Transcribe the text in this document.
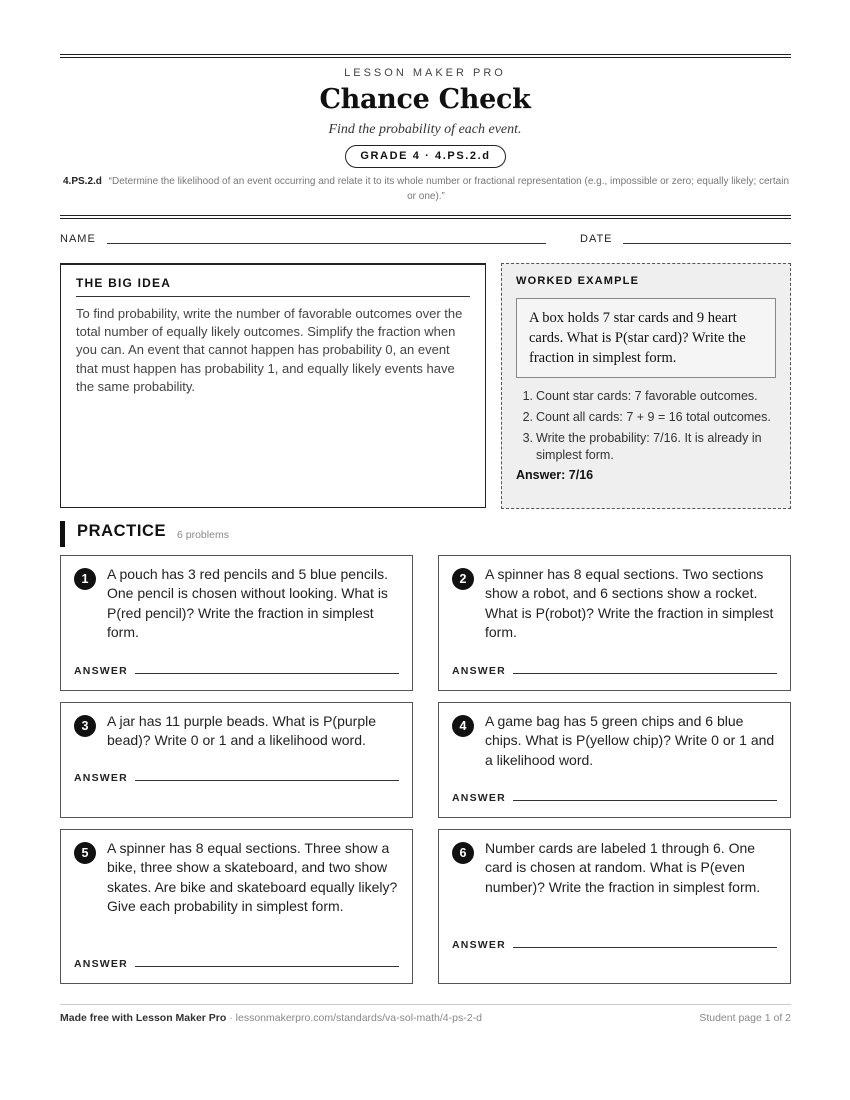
LESSON MAKER PRO
Chance Check
Find the probability of each event.
GRADE 4 · 4.PS.2.d
4.PS.2.d “Determine the likelihood of an event occurring and relate it to its whole number or fractional representation (e.g., impossible or zero; equally likely; certain or one).”
NAME	DATE
THE BIG IDEA

To find probability, write the number of favorable outcomes over the total number of equally likely outcomes. Simplify the fraction when you can. An event that cannot happen has probability 0, an event that must happen has probability 1, and equally likely events have the same probability.

WORKED EXAMPLE
A box holds 7 star cards and 9 heart cards. What is P(star card)? Write the fraction in simplest form.
1. Count star cards: 7 favorable outcomes.
2. Count all cards: 7 + 9 = 16 total outcomes.
3. Write the probability: 7/16. It is already in simplest form.
Answer: 7/16
PRACTICE 6 problems
1	A pouch has 3 red pencils and 5 blue pencils. One pencil is chosen without looking. What is P(red pencil)? Write the fraction in simplest form.
ANSWER
2	A spinner has 8 equal sections. Two sections show a robot, and 6 sections show a rocket. What is P(robot)? Write the fraction in simplest form.
ANSWER
3	A jar has 11 purple beads. What is P(purple bead)? Write 0 or 1 and a likelihood word.
ANSWER
4	A game bag has 5 green chips and 6 blue chips. What is P(yellow chip)? Write 0 or 1 and a likelihood word.
ANSWER
5	A spinner has 8 equal sections. Three show a bike, three show a skateboard, and two show skates. Are bike and skateboard equally likely? Give each probability in simplest form.
ANSWER
6	Number cards are labeled 1 through 6. One card is chosen at random. What is P(even number)? Write the fraction in simplest form.
ANSWER
Made free with Lesson Maker Pro · lessonmakerpro.com/standards/va-sol-math/4-ps-2-d	Student page 1 of 2
